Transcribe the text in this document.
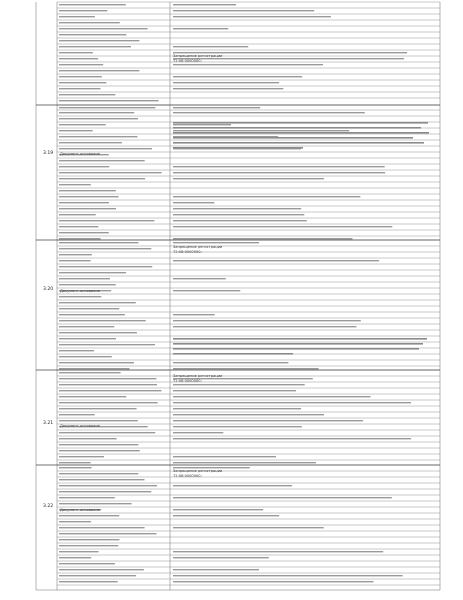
3.19
3.20
3.21
3.22
Запрещение регистрации
72:08:0000000:
Запрещение регистрации
72:08:0000000:
Запрещение регистрации
72:08:0000000:
Запрещение регистрации
72:08:0000000:
Документ-основание
Документ-основание
Документ-основание
Документ-основание
